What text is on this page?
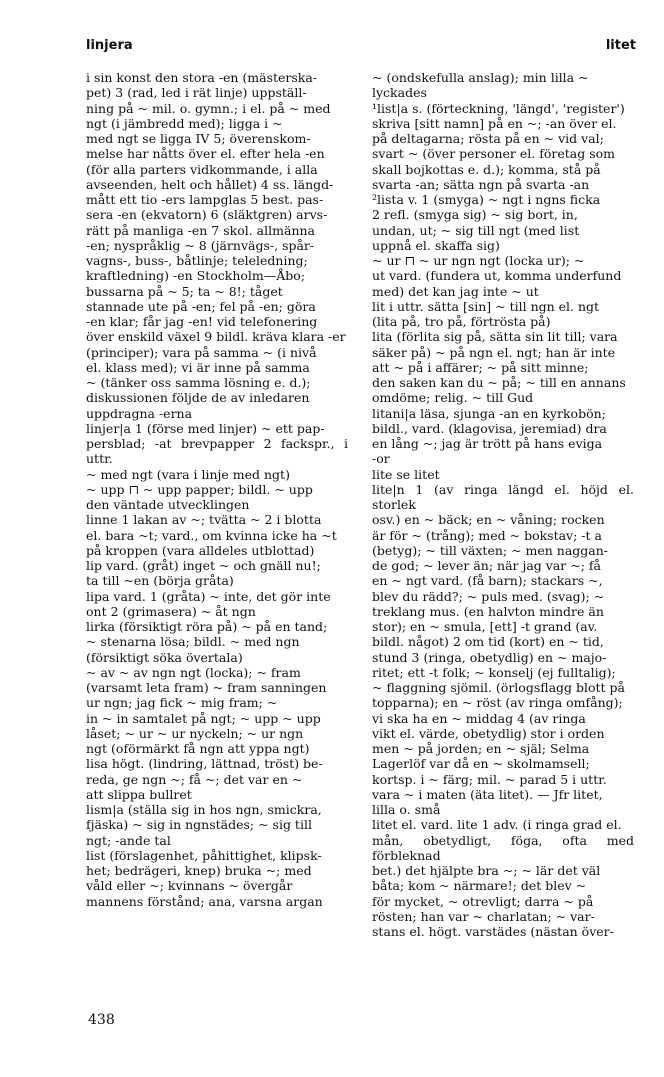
linjera	litet

i sin konst den stora -en (mästerska-

pet) 3 (rad, led i rät linje) uppställ-

ning på ~ mil. o. gymn.; i el. på ~ med

ngt (i jämbredd med); ligga i ~

med ngt se ligga IV 5; överenskom-

melse har nåtts över el. efter hela -en

(för alla parters vidkommande, i alla

avseenden, helt och hållet) 4 ss. längd-

mått ett tio -ers lampglas 5 best. pas-

sera -en (ekvatorn) 6 (släktgren) arvs-

rätt på manliga -en 7 skol. allmänna

-en; nyspråklig ~ 8 (järnvägs-, spår-

vagns-, buss-, båtlinje; teleledning;

kraftledning) -en Stockholm—Åbo;

bussarna på ~ 5; ta ~ 8!; tåget

stannade ute på -en; fel på -en; göra

-en klar; får jag -en! vid telefonering

över enskild växel 9 bildl. kräva klara -er

(principer); vara på samma ~ (i nivå

el. klass med); vi är inne på samma

~ (tänker oss samma lösning e. d.);

diskussionen följde de av inledaren

uppdragna -erna

linjer|a 1 (förse med linjer) ~ ett pap-

persblad; -at brevpapper 2 fackspr., i uttr.

~ med ngt (vara i linje med ngt)

~ upp ⊓ ~ upp papper; bildl. ~ upp

den väntade utvecklingen

linne 1 lakan av ~; tvätta ~ 2 i blotta

el. bara ~t; vard., om kvinna icke ha ~t

på kroppen (vara alldeles utblottad)

lip vard. (gråt) inget ~ och gnäll nu!;

ta till ~en (börja gråta)

lipa vard. 1 (gråta) ~ inte, det gör inte

ont 2 (grimasera) ~ åt ngn

lirka (försiktigt röra på) ~ på en tand;

~ stenarna lösa; bildl. ~ med ngn

(försiktigt söka övertala)

~ av ~ av ngn ngt (locka); ~ fram

(varsamt leta fram) ~ fram sanningen

ur ngn; jag fick ~ mig fram; ~

in ~ in samtalet på ngt; ~ upp ~ upp

låset; ~ ur ~ ur nyckeln; ~ ur ngn

ngt (oförmärkt få ngn att yppa ngt)

lisa högt. (lindring, lättnad, tröst) be-

reda, ge ngn ~; få ~; det var en ~

att slippa bullret

lism|a (ställa sig in hos ngn, smickra,

fjäska) ~ sig in ngnstädes; ~ sig till

ngt; -ande tal

list (förslagenhet, påhittighet, klipsk-

het; bedrägeri, knep) bruka ~; med

våld eller ~; kvinnans ~ övergår

mannens förstånd; ana, varsna argan

~ (ondskefulla anslag); min lilla ~

lyckades

¹list|a s. (förteckning, 'längd', 'register')

skriva [sitt namn] på en ~; -an över el.

på deltagarna; rösta på en ~ vid val;

svart ~ (över personer el. företag som

skall bojkottas e. d.); komma, stå på

svarta -an; sätta ngn på svarta -an

²lista v. 1 (smyga) ~ ngt i ngns ficka

2 refl. (smyga sig) ~ sig bort, in,

undan, ut; ~ sig till ngt (med list

uppnå el. skaffa sig)

~ ur ⊓ ~ ur ngn ngt (locka ur); ~

ut vard. (fundera ut, komma underfund

med) det kan jag inte ~ ut

lit i uttr. sätta [sin] ~ till ngn el. ngt

(lita på, tro på, förtrösta på)

lita (förlita sig på, sätta sin lit till; vara

säker på) ~ på ngn el. ngt; han är inte

att ~ på i affärer; ~ på sitt minne;

den saken kan du ~ på; ~ till en annans

omdöme; relig. ~ till Gud

litani|a läsa, sjunga -an en kyrkobön;

bildl., vard. (klagovisa, jeremiad) dra

en lång ~; jag är trött på hans eviga

-or

lite se litet

lite|n 1 (av ringa längd el. höjd el. storlek

osv.) en ~ bäck; en ~ våning; rocken

är för ~ (trång); med ~ bokstav; -t a

(betyg); ~ till växten; ~ men naggan-

de god; ~ lever än; när jag var ~; få

en ~ ngt vard. (få barn); stackars ~,

blev du rädd?; ~ puls med. (svag); ~

treklang mus. (en halvton mindre än

stor); en ~ smula, [ett] -t grand (av.

bildl. något) 2 om tid (kort) en ~ tid,

stund 3 (ringa, obetydlig) en ~ majo-

ritet; ett -t folk; ~ konselj (ej fulltalig);

~ flaggning sjömil. (örlogsflagg blott på

topparna); en ~ röst (av ringa omfång);

vi ska ha en ~ middag 4 (av ringa

vikt el. värde, obetydlig) stor i orden

men ~ på jorden; en ~ själ; Selma

Lagerlöf var då en ~ skolmamsell;

kortsp. i ~ färg; mil. ~ parad 5 i uttr.

vara ~ i maten (äta litet). — Jfr litet,

lilla o. små

litet el. vard. lite 1 adv. (i ringa grad el.

mån, obetydligt, föga, ofta med förbleknad

bet.) det hjälpte bra ~; ~ lär det väl

båta; kom ~ närmare!; det blev ~

för mycket, ~ otrevligt; darra ~ på

rösten; han var ~ charlatan; ~ var-

stans el. högt. varstädes (nästan över-

438
